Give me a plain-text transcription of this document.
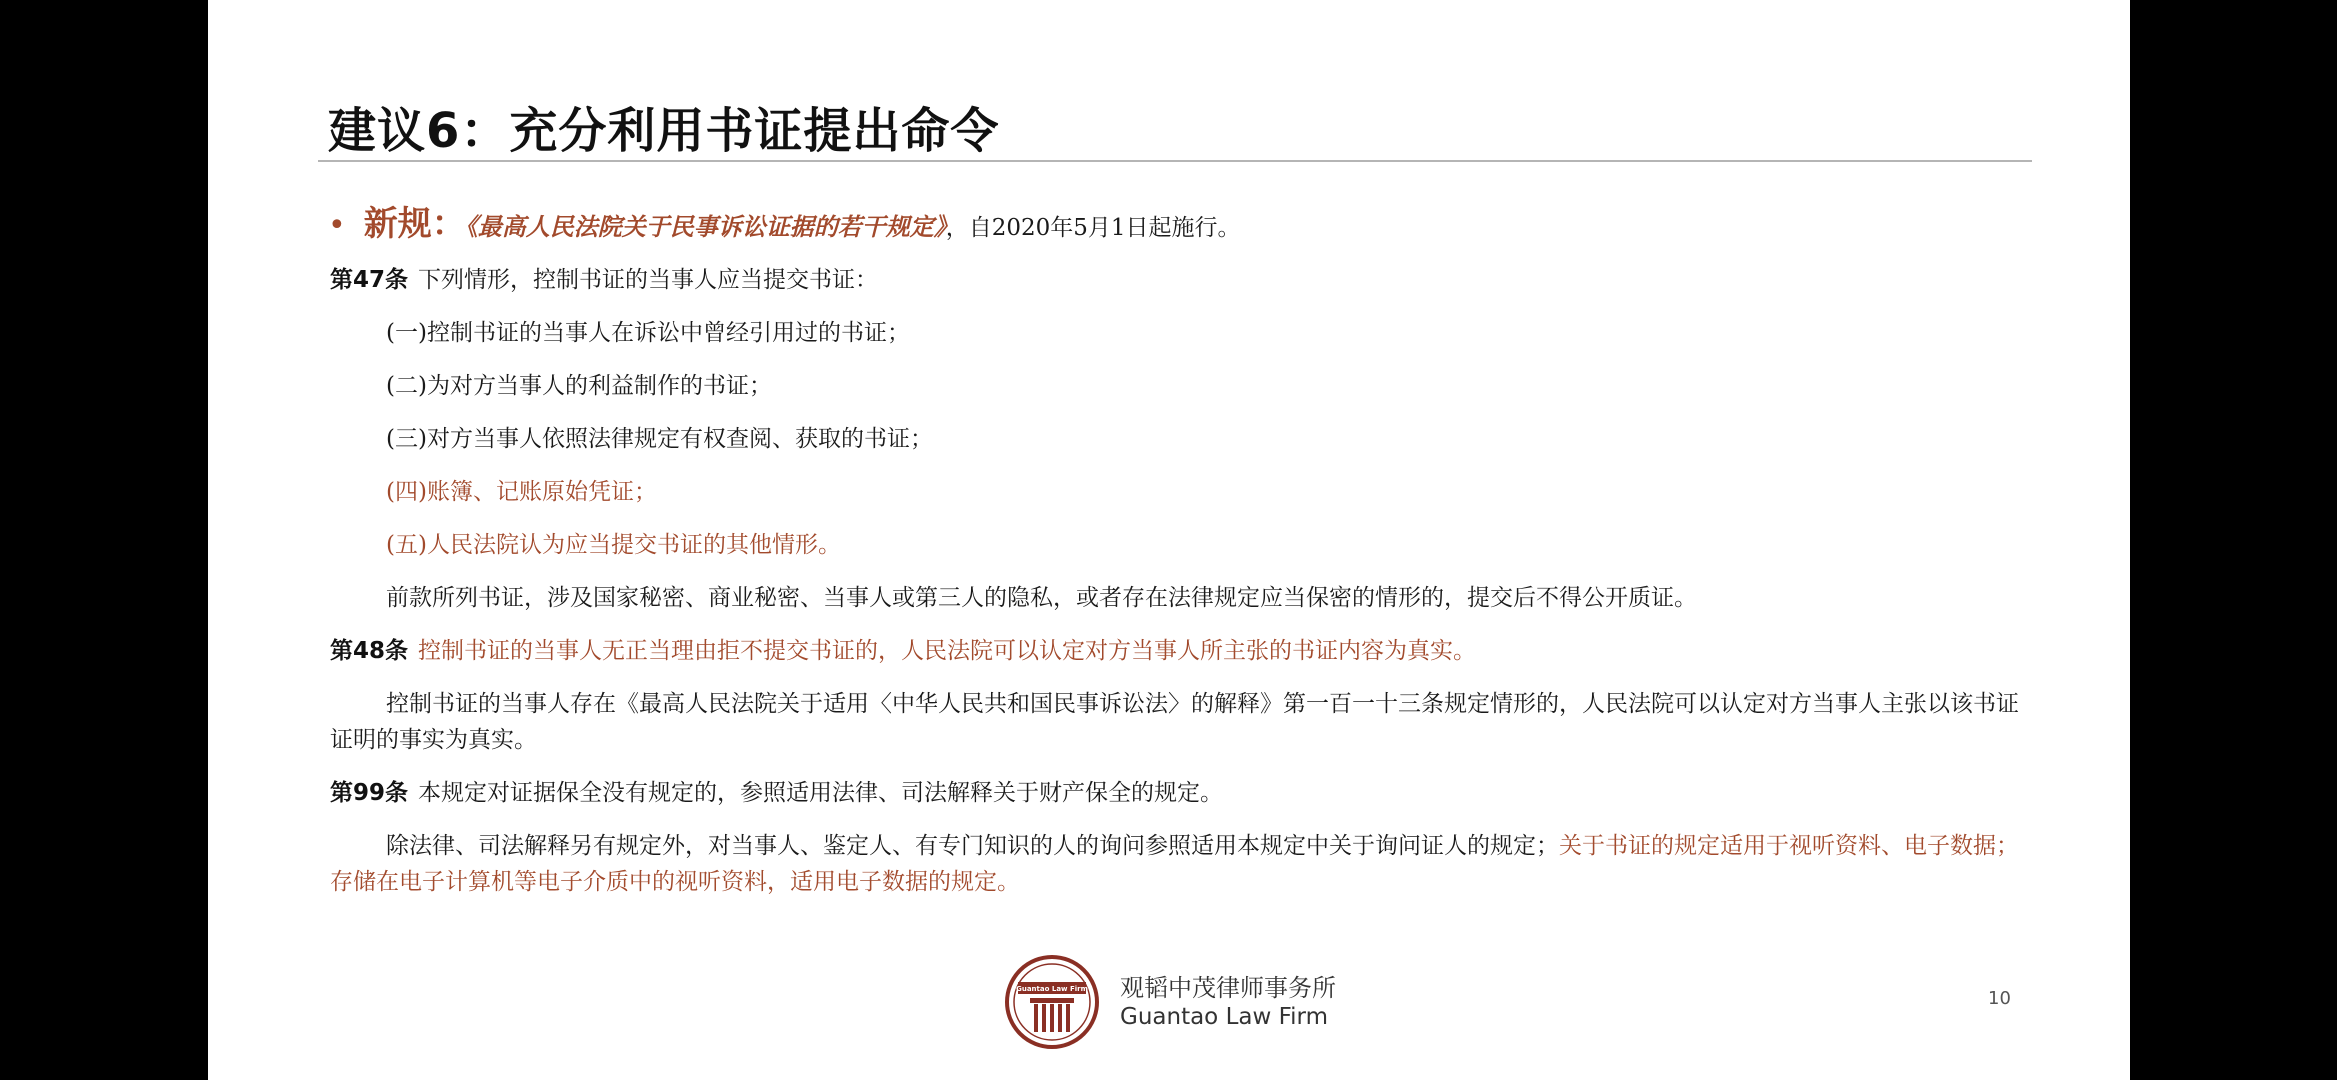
建议6：充分利用书证提出命令
• 新规：《最高人民法院关于民事诉讼证据的若干规定》，自2020年5月1日起施行。
第47条 下列情形，控制书证的当事人应当提交书证：
(一)控制书证的当事人在诉讼中曾经引用过的书证；
(二)为对方当事人的利益制作的书证；
(三)对方当事人依照法律规定有权查阅、获取的书证；
(四)账簿、记账原始凭证；
(五)人民法院认为应当提交书证的其他情形。
前款所列书证，涉及国家秘密、商业秘密、当事人或第三人的隐私，或者存在法律规定应当保密的情形的，提交后不得公开质证。
第48条 控制书证的当事人无正当理由拒不提交书证的，人民法院可以认定对方当事人所主张的书证内容为真实。
控制书证的当事人存在《最高人民法院关于适用〈中华人民共和国民事诉讼法〉的解释》第一百一十三条规定情形的，人民法院可以认定对方当事人主张以该书证证明的事实为真实。
第99条 本规定对证据保全没有规定的，参照适用法律、司法解释关于财产保全的规定。
除法律、司法解释另有规定外，对当事人、鉴定人、有专门知识的人的询问参照适用本规定中关于询问证人的规定；关于书证的规定适用于视听资料、电子数据；存储在电子计算机等电子介质中的视听资料，适用电子数据的规定。
Guantao Law Firm 观韬中茂律师事务所
Guantao Law Firm
10
